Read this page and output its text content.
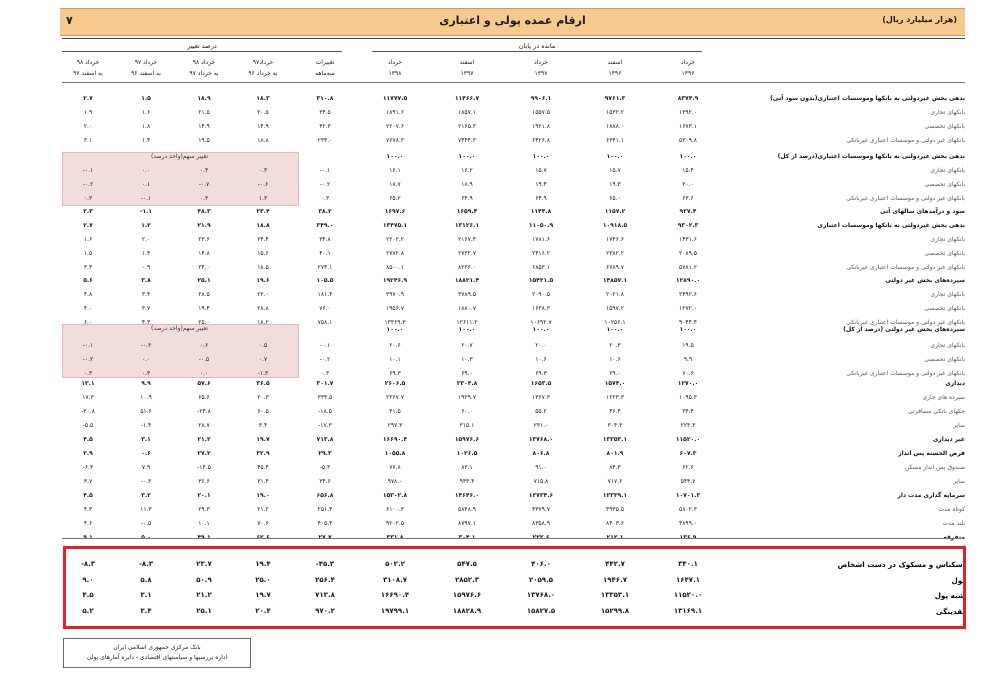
(هزار میلیارد ریال)
ارقام عمده پولی و اعتباری
۷
مانده در پایان
درصد تغییر
خرداد
۱۳۹۶
اسفند
۱۳۹۶
خرداد
۱۳۹۷
اسفند
۱۳۹۷
خرداد
۱۳۹۸
تغییرات
سه‌ماهه
خرداد۹۷
به خرداد ۹۶
خرداد ۹۸
به خرداد ۹۷
خرداد ۹۷
به اسفند ۹۶
خرداد ۹۸
به اسفند ۹۷
تغییر سهم(واحد درصد)
تغییر سهم(واحد درصد)
بدهی بخش غیردولتی به بانکها وموسسات اعتباری(بدون سود آتی)
۸۳۷۴.۹
۹۷۶۱.۳
۹۹۰۶.۱
۱۱۴۶۶.۷
۱۱۷۷۷.۵
۳۱۰.۸
۱۸.۳
۱۸.۹
۱.۵
۲.۷
بانکهای تجاری
۱۳۹۲.۰
۱۵۳۲.۲
۱۵۵۷.۵
۱۸۵۷.۱
۱۸۹۱.۶
۳۴.۵
۲۰.۵
۲۱.۵
۱.۶
۱.۹
بانکهای تخصصی
۱۶۷۳.۱
۱۸۸۸.۰
۱۹۲۱.۸
۲۱۶۵.۳
۲۲۰۷.۶
۴۲.۳
۱۴.۹
۱۴.۹
۱.۸
۲.۰
بانکهای غیر دولتی و موسسات اعتباری غیربانکی
۵۳۰۹.۸
۶۳۴۱.۱
۶۴۲۶.۸
۷۴۴۴.۳
۷۶۷۸.۳
۲۳۴.۰
۱۸.۸
۱۹.۵
۱.۴
۳.۱
بدهی بخش غیردولتی به بانکها وموسسات اعتباری(درصد از کل)
۱۰۰.۰
۱۰۰.۰
۱۰۰.۰
۱۰۰.۰
۱۰۰.۰
بانکهای تجاری
۱۵.۴
۱۵.۷
۱۵.۷
۱۶.۲
۱۶.۱
-۰.۱
۰.۳
۰.۴
۰.۰
-۰.۱
بانکهای تخصصی
۲۰.۰
۱۹.۳
۱۹.۴
۱۸.۹
۱۸.۷
-۰.۲
-۰.۶
-۰.۷
۰.۱
-۰.۲
بانکهای غیر دولتی و موسسات اعتباری غیربانکی
۶۳.۶
۶۵.۰
۶۴.۹
۶۴.۹
۶۵.۲
۰.۳
۱.۳
۰.۳
-۰.۱
۰.۳
سود و درآمدهای سالهای آتی
۹۲۷.۴
۱۱۵۷.۲
۱۱۴۴.۸
۱۶۵۹.۴
۱۶۹۷.۶
۳۸.۲
۲۳.۴
۴۸.۳
-۱.۱
۲.۳
بدهی بخش غیردولتی به بانکها وموسسات اعتباری
۹۳۰۲.۳
۱۰۹۱۸.۵
۱۱۰۵۰.۹
۱۳۱۲۶.۱
۱۳۴۷۵.۱
۳۴۹.۰
۱۸.۸
۲۱.۹
۱.۲
۲.۷
بانکهای تجاری
۱۴۳۱.۶
۱۷۴۶.۶
۱۷۸۱.۶
۲۱۶۷.۴
۲۲۰۲.۲
۳۴.۸
۲۴.۴
۲۳.۶
۲.۰
۱.۶
بانکهای تخصصی
۲۰۸۹.۵
۲۳۸۲.۲
۲۴۱۶.۲
۲۷۳۲.۷
۲۷۷۲.۸
۴۰.۱
۱۵.۶
۱۴.۸
۱.۴
۱.۵
بانکهای غیر دولتی و موسسات اعتباری غیربانکی
۵۷۸۱.۲
۶۷۸۹.۷
۶۸۵۳.۱
۸۲۲۶.۰
۸۵۰۰.۱
۲۷۴.۱
۱۸.۵
۲۴.۰
۰.۹
۳.۳
سپرده‌های بخش غیر دولتی
۱۲۸۹۰.۰
۱۴۸۵۷.۱
۱۵۴۲۱.۵
۱۸۸۲۱.۴
۱۹۲۴۶.۹
۱۰۵.۵
۱۹.۶
۲۵.۱
۳.۸
۵.۶
بانکهای تجاری
۲۴۹۲.۶
۲۰۲۱.۸
۲۰۹۰.۵
۳۷۸۹.۵
۳۹۷۰.۹
۱۸۱.۴
۲۲.۰
۲۸.۵
۳.۴
۴.۸
بانکهای تخصصی
۱۲۷۲.۰
۱۵۹۷.۲
۱۶۳۸.۳
۱۸۸۰.۷
۱۹۵۶.۷
۷۶.۰
۲۸.۸
۱۹.۴
۳.۷
۴.۰
بانکهای غیر دولتی و موسسات اعتباری غیربانکی
۹۰۴۴.۴
۱۰۲۵۶.۱
۱۰۶۹۲.۷
۱۲۶۱۱.۲
۱۳۳۶۹.۳
۷۵۸.۱
۱۸.۲
۲۵.۰
۴.۳
۶.۰
سپرده‌های بخش غیر دولتی (درصد از کل)
۱۰۰.۰
۱۰۰.۰
۱۰۰.۰
۱۰۰.۰
۱۰۰.۰
بانکهای تجاری
۱۹.۵
۲۰.۳
۲۰.۰
۲۰.۷
۲۰.۶
-۰.۱
۰.۵
۰.۶
-۰.۳
-۰.۱
بانکهای تخصصی
۹.۹
۱۰.۶
۱۰.۶
۱۰.۳
۱۰.۱
-۰.۲
۰.۷
-۰.۵
۰.۰
-۰.۲
بانکهای غیر دولتی و موسسات اعتباری غیربانکی
۷۰.۶
۶۹.۰
۶۹.۳
۶۹.۰
۶۹.۳
۰.۳
-۱.۳
۰.۰
۰.۳
۰.۳
دیداری
۱۲۷۰.۰
۱۵۷۴.۰
۱۶۵۳.۵
۲۳۰۴.۸
۲۶۰۶.۵
۳۰۱.۷
۳۶.۵
۵۷.۶
۹.۹
۱۳.۱
سپرده های جاری
۱۰۹۵.۳
۱۲۲۳.۳
۱۳۶۷.۳
۱۹۲۹.۷
۲۲۶۷.۷
۳۳۴.۵
۲۰.۳
۶۵.۶
۱۰.۹
۱۷.۳
چکهای بانکی مسافرتی
۳۴.۴
۴۶.۴
۵۵.۲
۶۰.۰
۴۱.۵
-۱۸.۵
۶۰.۵
-۲۴.۸
۵۱.۶
-۳۰.۸
سایر
۲۲۳.۳
۳۰۴.۳
۲۳۱.۰
۳۱۵.۱
۲۹۷.۳
-۱۷.۳
۳.۴
۲۸.۷
-۱.۴
-۵.۵
غیر دیداری
۱۱۵۲۰.۰
۱۳۳۵۳.۱
۱۳۷۶۸.۰
۱۵۹۷۶.۶
۱۶۶۹۰.۴
۷۱۳.۸
۱۹.۷
۲۱.۲
۳.۱
۴.۵
قرض الحسنه پس انداز
۶۰۷.۳
۸۰۱.۹
۸۰۶.۸
۱۰۲۶.۵
۱۰۵۵.۸
۲۹.۳
۳۲.۹
۲۷.۲
۰.۶
۲.۹
صندوق پس انداز مسکن
۶۲.۶
۸۴.۳
۹۱.۰
۸۳.۱
۷۷.۸
-۵.۳
۴۵.۴
-۱۴.۵
۷.۹
-۶.۴
سایر
۵۴۴.۷
۷۱۷.۶
۷۱۵.۸
۹۴۳.۴
۹۷۸.۰
۳۴.۶
۳۱.۴
۳۶.۶
-۰.۳
۳.۷
سرمایه گذاری مدت دار
۱۰۷۰۱.۳
۱۲۳۳۹.۱
۱۲۷۳۴.۶
۱۴۶۴۶.۰
۱۵۳۰۲.۸
۶۵۶.۸
۱۹.۰
۲۰.۱
۳.۲
۴.۵
کوتاه مدت
۵۸۰۲.۳
۴۹۳۵.۵
۴۳۷۹.۷
۵۸۴۸.۹
۶۱۰۰.۳
۲۵۱.۴
۲۱.۲
۲۹.۳
۱۱.۳
۴.۳
بلند مدت
۴۸۹۹.۰
۸۴۰۳.۶
۸۳۵۸.۹
۸۷۹۷.۱
۹۲۰۲.۵
۴۰۵.۴
۷۰.۶
۱۰.۱
-۰.۵
۴.۶
متفرقه
۱۳۶.۹
۲۱۲.۱
۲۲۲.۶
۳۰۴.۱
۳۳۱.۸
۲۷.۷
۶۲.۶
۴۹.۱
۵.۰
۹.۱
اسکناس و مسکوک در دست اشخاص
۳۴۰.۱
۴۴۲.۷
۴۰۶.۰
۵۴۷.۵
۵۰۲.۲
-۴۵.۳
۱۹.۴
۲۳.۷
-۸.۳
-۸.۳
پول
۱۶۴۷.۱
۱۹۴۶.۷
۲۰۵۹.۵
۲۸۵۲.۳
۳۱۰۸.۷
۲۵۶.۴
۲۵.۰
۵۰.۹
۵.۸
۹.۰
شبه پول
۱۱۵۲۰.۰
۱۳۳۵۳.۱
۱۳۷۶۸.۰
۱۵۹۷۶.۶
۱۶۶۹۰.۴
۷۱۳.۸
۱۹.۷
۲۱.۲
۳.۱
۴.۵
نقدینگی
۱۳۱۶۹.۱
۱۵۲۹۹.۸
۱۵۸۲۷.۵
۱۸۸۲۸.۹
۱۹۷۹۹.۱
۹۷۰.۲
۲۰.۴
۲۵.۱
۳.۴
۵.۲
بانک مرکزی جمهوری اسلامی ایران
اداره بررسیها و سیاستهای اقتصادی - دایره آمارهای پولی
